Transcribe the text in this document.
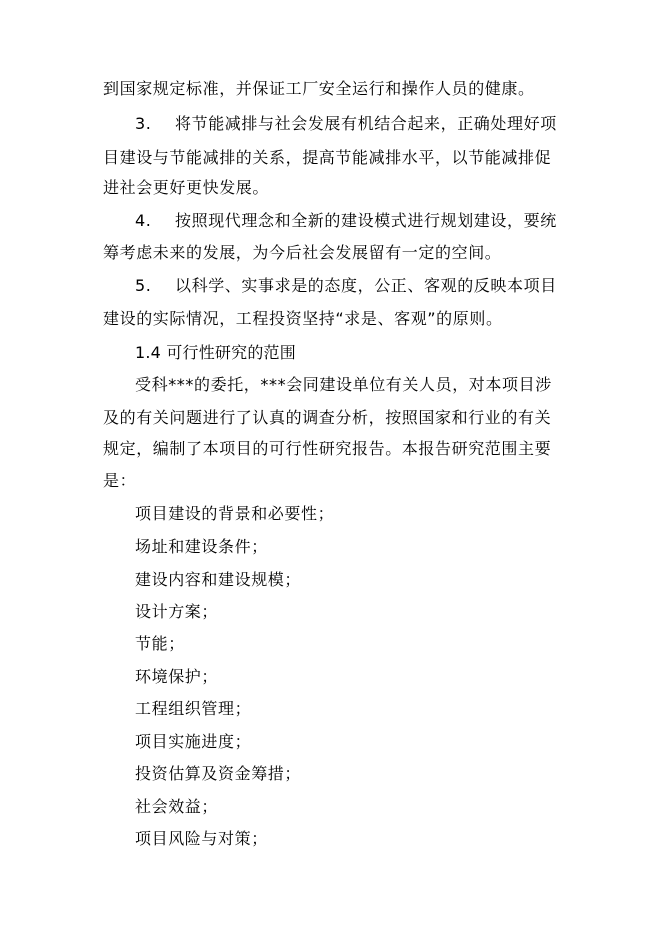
到国家规定标准，并保证工厂安全运行和操作人员的健康。
3. 将节能减排与社会发展有机结合起来，正确处理好项
目建设与节能减排的关系，提高节能减排水平，以节能减排促
进社会更好更快发展。
4. 按照现代理念和全新的建设模式进行规划建设，要统
筹考虑未来的发展，为今后社会发展留有一定的空间。
5. 以科学、实事求是的态度，公正、客观的反映本项目
建设的实际情况，工程投资坚持“求是、客观”的原则。
1.4 可行性研究的范围
受科***的委托，***会同建设单位有关人员，对本项目涉
及的有关问题进行了认真的调查分析，按照国家和行业的有关
规定，编制了本项目的可行性研究报告。本报告研究范围主要
是：
项目建设的背景和必要性；
场址和建设条件；
建设内容和建设规模；
设计方案；
节能；
环境保护；
工程组织管理；
项目实施进度；
投资估算及资金筹措；
社会效益；
项目风险与对策；
